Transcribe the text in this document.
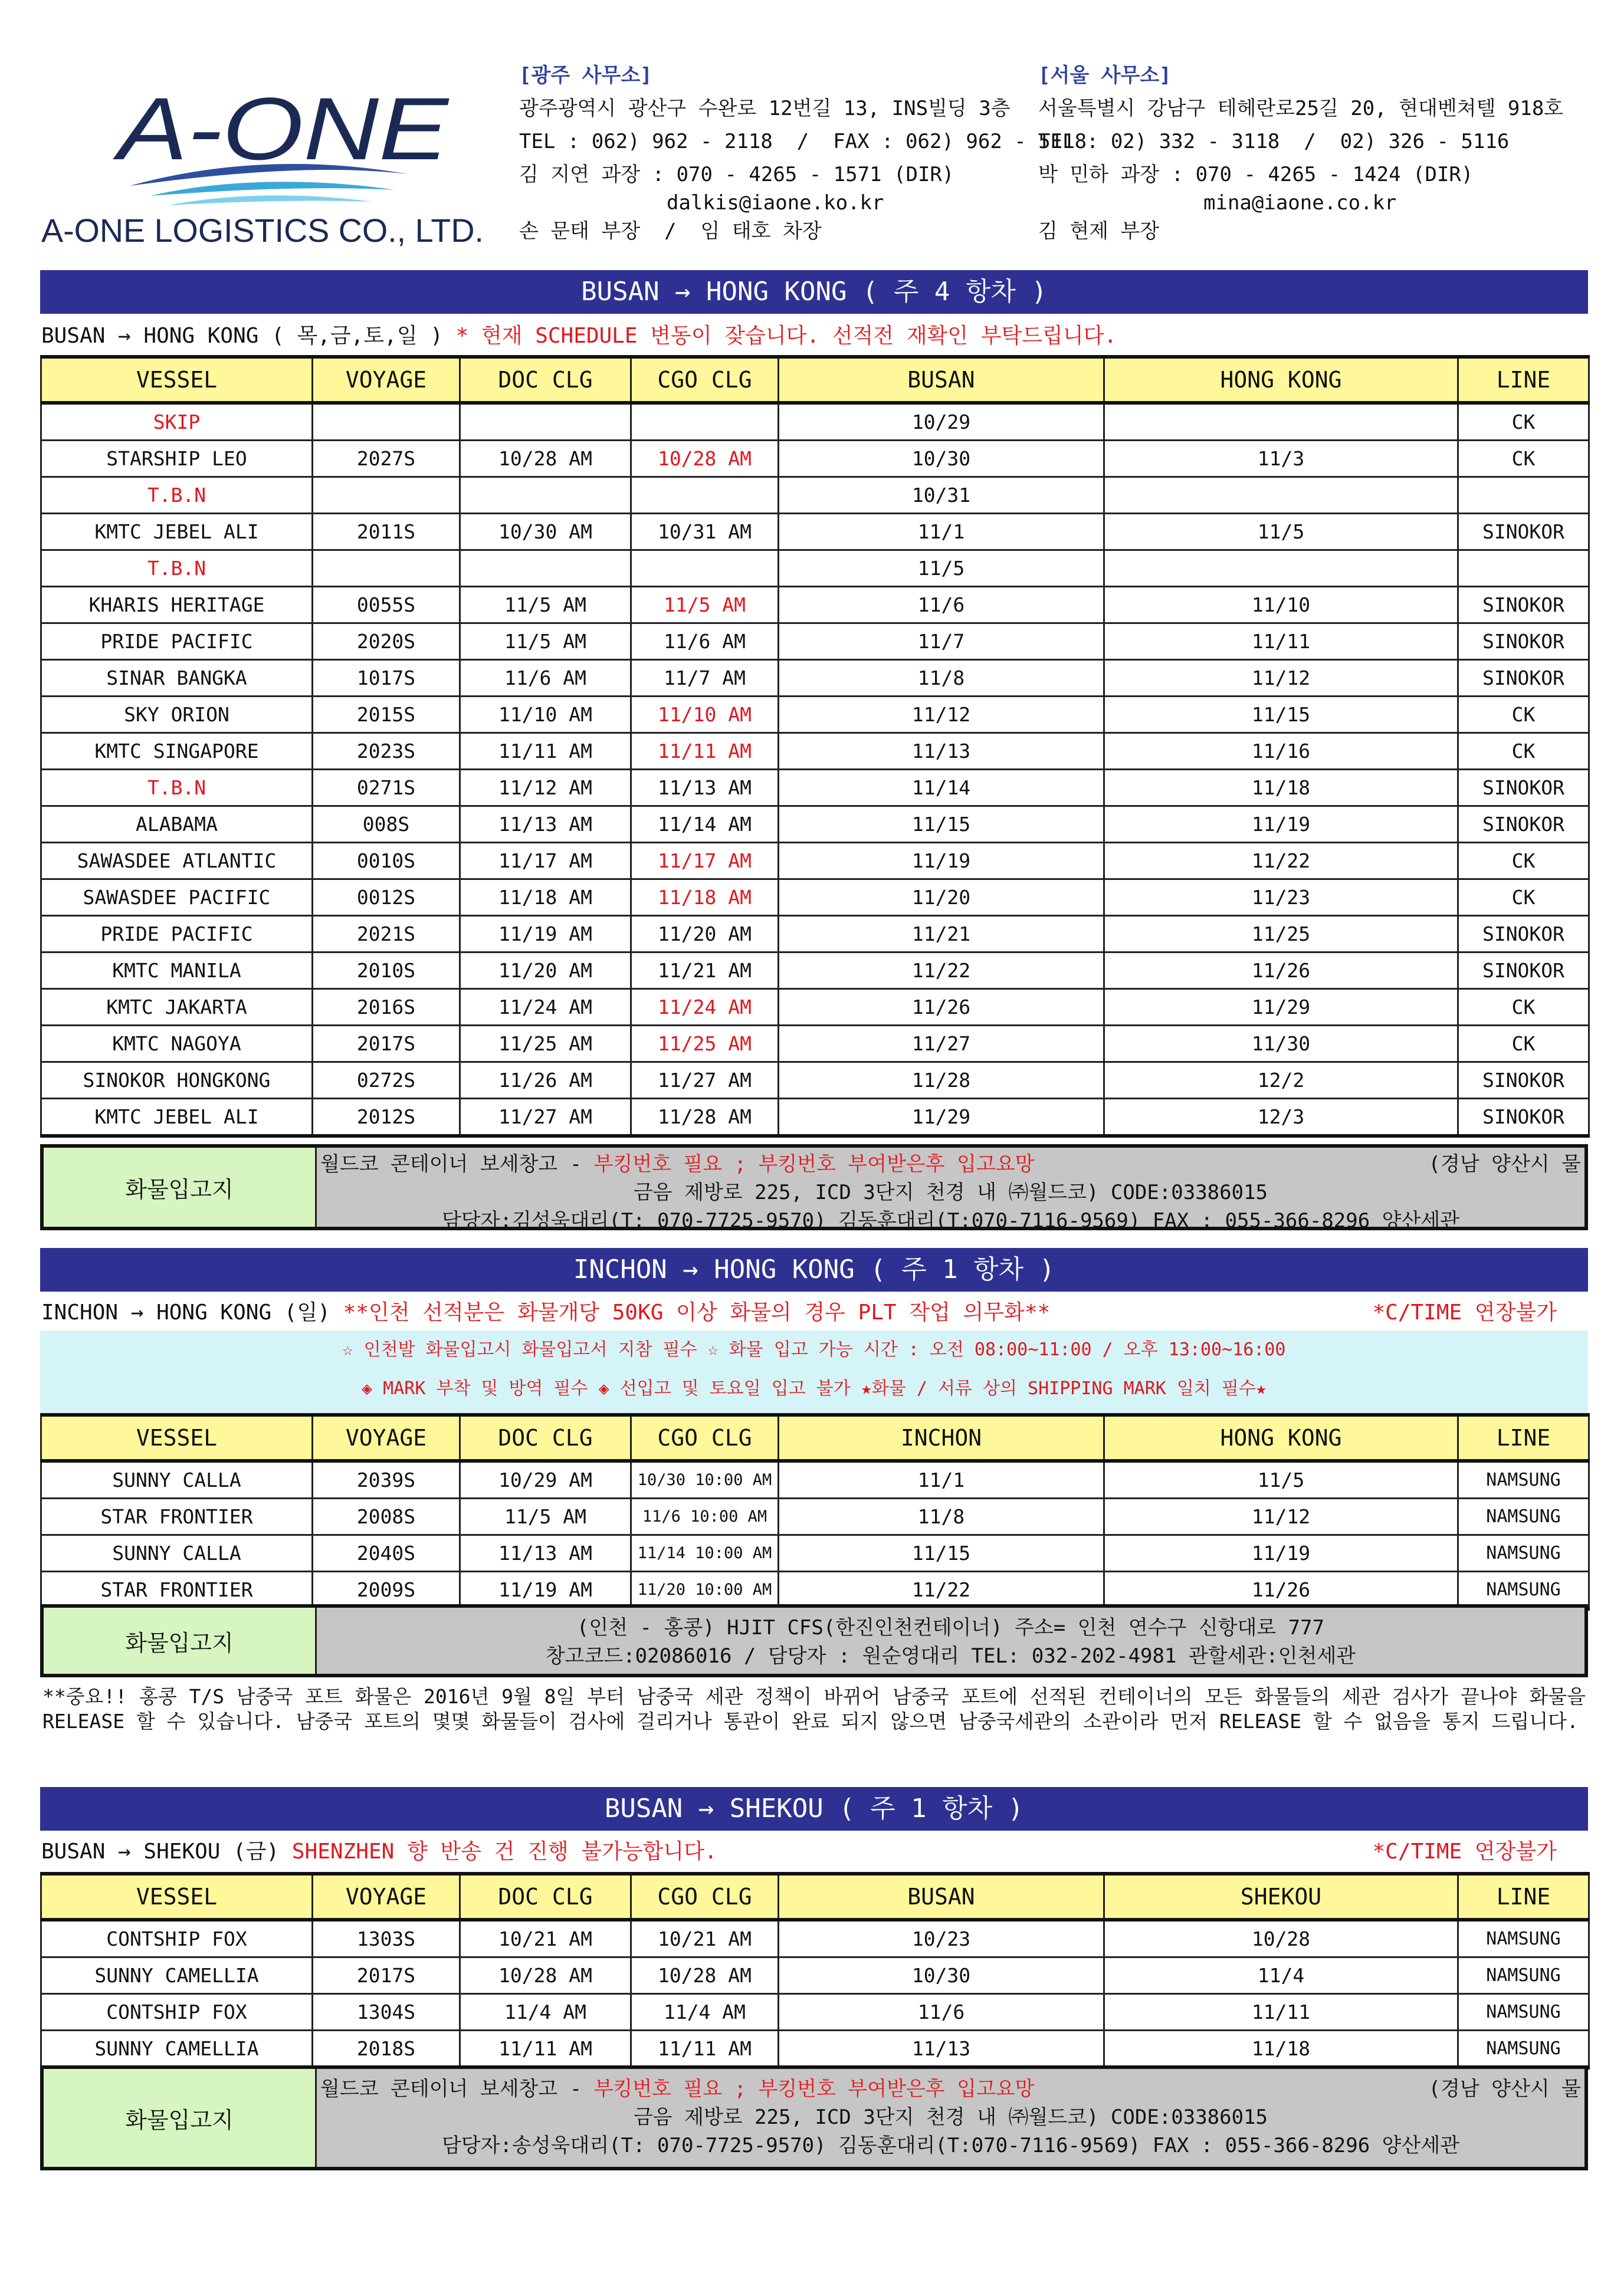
A-ONE
A-ONE LOGISTICS CO., LTD.
[광주 사무소]
광주광역시 광산구 수완로 12번길 13, INS빌딩 3층
TEL : 062) 962 - 2118  /  FAX : 062) 962 - 5118
김 지연 과장 : 070 - 4265 - 1571 (DIR)
dalkis@iaone.ko.kr
손 문태 부장  /  임 태호 차장
[서울 사무소]
서울특별시 강남구 테헤란로25길 20, 현대벤쳐텔 918호
TEL : 02) 332 - 3118  /  02) 326 - 5116
박 민하 과장 : 070 - 4265 - 1424 (DIR)
mina@iaone.co.kr
김 현제 부장
BUSAN → HONG KONG ( 주 4 항차 )
BUSAN → HONG KONG ( 목,금,토,일 ) * 현재 SCHEDULE 변동이 잦습니다. 선적전 재확인 부탁드립니다.
VESSEL	VOYAGE	DOC CLG	CGO CLG	BUSAN	HONG KONG	LINE
SKIP				10/29		CK
STARSHIP LEO	2027S	10/28 AM	10/28 AM	10/30	11/3	CK
T.B.N				10/31		
KMTC JEBEL ALI	2011S	10/30 AM	10/31 AM	11/1	11/5	SINOKOR
T.B.N				11/5		
KHARIS HERITAGE	0055S	11/5 AM	11/5 AM	11/6	11/10	SINOKOR
PRIDE PACIFIC	2020S	11/5 AM	11/6 AM	11/7	11/11	SINOKOR
SINAR BANGKA	1017S	11/6 AM	11/7 AM	11/8	11/12	SINOKOR
SKY ORION	2015S	11/10 AM	11/10 AM	11/12	11/15	CK
KMTC SINGAPORE	2023S	11/11 AM	11/11 AM	11/13	11/16	CK
T.B.N	0271S	11/12 AM	11/13 AM	11/14	11/18	SINOKOR
ALABAMA	008S	11/13 AM	11/14 AM	11/15	11/19	SINOKOR
SAWASDEE ATLANTIC	0010S	11/17 AM	11/17 AM	11/19	11/22	CK
SAWASDEE PACIFIC	0012S	11/18 AM	11/18 AM	11/20	11/23	CK
PRIDE PACIFIC	2021S	11/19 AM	11/20 AM	11/21	11/25	SINOKOR
KMTC MANILA	2010S	11/20 AM	11/21 AM	11/22	11/26	SINOKOR
KMTC JAKARTA	2016S	11/24 AM	11/24 AM	11/26	11/29	CK
KMTC NAGOYA	2017S	11/25 AM	11/25 AM	11/27	11/30	CK
SINOKOR HONGKONG	0272S	11/26 AM	11/27 AM	11/28	12/2	SINOKOR
KMTC JEBEL ALI	2012S	11/27 AM	11/28 AM	11/29	12/3	SINOKOR
화물입고지
월드코 콘테이너 보세창고 - 부킹번호 필요 ; 부킹번호 부여받은후 입고요망	(경남 양산시 물
금음 제방로 225, ICD 3단지 천경 내 ㈜월드코) CODE:03386015
담당자:김성욱대리(T: 070-7725-9570) 김동훈대리(T:070-7116-9569) FAX : 055-366-8296 양산세관
INCHON → HONG KONG ( 주 1 항차 )
INCHON → HONG KONG (일) **인천 선적분은 화물개당 50KG 이상 화물의 경우 PLT 작업 의무화**	*C/TIME 연장불가
☆ 인천발 화물입고시 화물입고서 지참 필수 ☆ 화물 입고 가능 시간 : 오전 08:00~11:00 / 오후 13:00~16:00
◈ MARK 부착 및 방역 필수 ◈ 선입고 및 토요일 입고 불가 ★화물 / 서류 상의 SHIPPING MARK 일치 필수★
VESSEL	VOYAGE	DOC CLG	CGO CLG	INCHON	HONG KONG	LINE
SUNNY CALLA	2039S	10/29 AM	10/30 10:00 AM	11/1	11/5	NAMSUNG
STAR FRONTIER	2008S	11/5 AM	11/6 10:00 AM	11/8	11/12	NAMSUNG
SUNNY CALLA	2040S	11/13 AM	11/14 10:00 AM	11/15	11/19	NAMSUNG
STAR FRONTIER	2009S	11/19 AM	11/20 10:00 AM	11/22	11/26	NAMSUNG
화물입고지
(인천 - 홍콩) HJIT CFS(한진인천컨테이너) 주소= 인천 연수구 신항대로 777
창고코드:02086016 / 담당자 : 원순영대리 TEL: 032-202-4981 관할세관:인천세관
**중요!! 홍콩 T/S 남중국 포트 화물은 2016년 9월 8일 부터 남중국 세관 정책이 바뀌어 남중국 포트에 선적된 컨테이너의 모든 화물들의 세관 검사가 끝나야 화물을 RELEASE 할 수 있습니다. 남중국 포트의 몇몇 화물들이 검사에 걸리거나 통관이 완료 되지 않으면 남중국세관의 소관이라 먼저 RELEASE 할 수 없음을 통지 드립니다.
BUSAN → SHEKOU ( 주 1 항차 )
BUSAN → SHEKOU (금) SHENZHEN 향 반송 건 진행 불가능합니다.	*C/TIME 연장불가
VESSEL	VOYAGE	DOC CLG	CGO CLG	BUSAN	SHEKOU	LINE
CONTSHIP FOX	1303S	10/21 AM	10/21 AM	10/23	10/28	NAMSUNG
SUNNY CAMELLIA	2017S	10/28 AM	10/28 AM	10/30	11/4	NAMSUNG
CONTSHIP FOX	1304S	11/4 AM	11/4 AM	11/6	11/11	NAMSUNG
SUNNY CAMELLIA	2018S	11/11 AM	11/11 AM	11/13	11/18	NAMSUNG
화물입고지
월드코 콘테이너 보세창고 - 부킹번호 필요 ; 부킹번호 부여받은후 입고요망	(경남 양산시 물
금음 제방로 225, ICD 3단지 천경 내 ㈜월드코) CODE:03386015
담당자:송성욱대리(T: 070-7725-9570) 김동훈대리(T:070-7116-9569) FAX : 055-366-8296 양산세관
